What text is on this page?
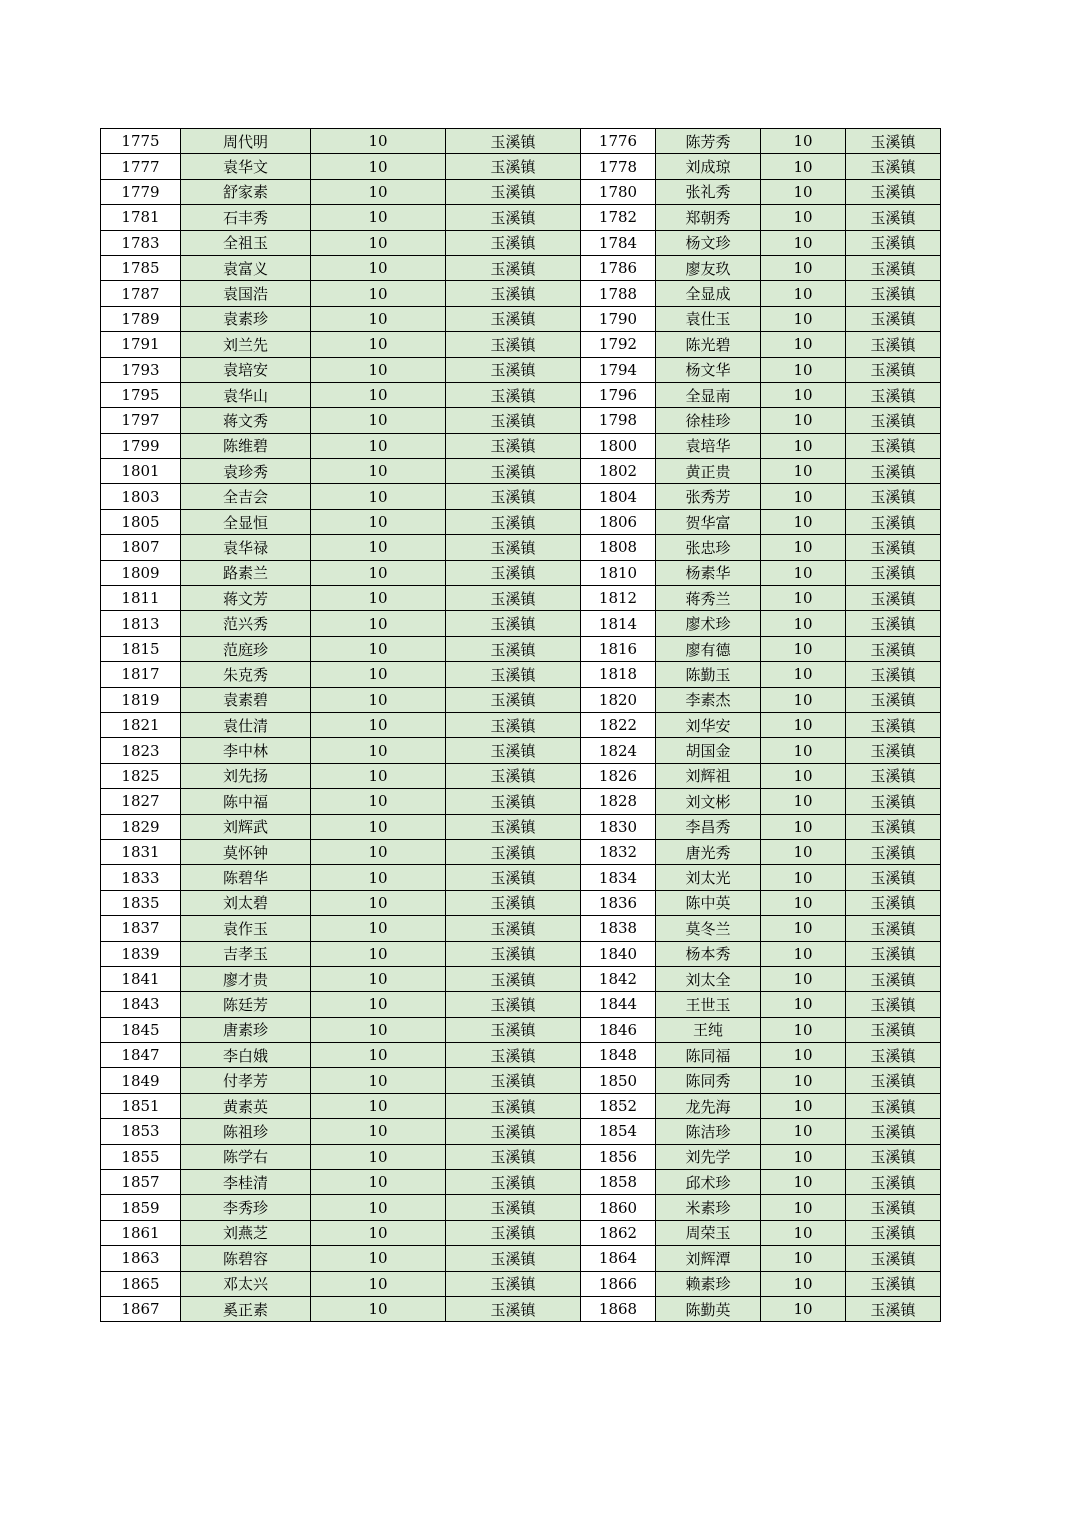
1775	周代明	10	玉溪镇	1776	陈芳秀	10	玉溪镇
1777	袁华文	10	玉溪镇	1778	刘成琼	10	玉溪镇
1779	舒家素	10	玉溪镇	1780	张礼秀	10	玉溪镇
1781	石丰秀	10	玉溪镇	1782	郑朝秀	10	玉溪镇
1783	全祖玉	10	玉溪镇	1784	杨文珍	10	玉溪镇
1785	袁富义	10	玉溪镇	1786	廖友玖	10	玉溪镇
1787	袁国浩	10	玉溪镇	1788	全显成	10	玉溪镇
1789	袁素珍	10	玉溪镇	1790	袁仕玉	10	玉溪镇
1791	刘兰先	10	玉溪镇	1792	陈光碧	10	玉溪镇
1793	袁培安	10	玉溪镇	1794	杨文华	10	玉溪镇
1795	袁华山	10	玉溪镇	1796	全显南	10	玉溪镇
1797	蒋文秀	10	玉溪镇	1798	徐桂珍	10	玉溪镇
1799	陈维碧	10	玉溪镇	1800	袁培华	10	玉溪镇
1801	袁珍秀	10	玉溪镇	1802	黄正贵	10	玉溪镇
1803	全吉会	10	玉溪镇	1804	张秀芳	10	玉溪镇
1805	全显恒	10	玉溪镇	1806	贺华富	10	玉溪镇
1807	袁华禄	10	玉溪镇	1808	张忠珍	10	玉溪镇
1809	路素兰	10	玉溪镇	1810	杨素华	10	玉溪镇
1811	蒋文芳	10	玉溪镇	1812	蒋秀兰	10	玉溪镇
1813	范兴秀	10	玉溪镇	1814	廖术珍	10	玉溪镇
1815	范庭珍	10	玉溪镇	1816	廖有德	10	玉溪镇
1817	朱克秀	10	玉溪镇	1818	陈勤玉	10	玉溪镇
1819	袁素碧	10	玉溪镇	1820	李素杰	10	玉溪镇
1821	袁仕清	10	玉溪镇	1822	刘华安	10	玉溪镇
1823	李中林	10	玉溪镇	1824	胡国金	10	玉溪镇
1825	刘先扬	10	玉溪镇	1826	刘辉祖	10	玉溪镇
1827	陈中福	10	玉溪镇	1828	刘文彬	10	玉溪镇
1829	刘辉武	10	玉溪镇	1830	李昌秀	10	玉溪镇
1831	莫怀钟	10	玉溪镇	1832	唐光秀	10	玉溪镇
1833	陈碧华	10	玉溪镇	1834	刘太光	10	玉溪镇
1835	刘太碧	10	玉溪镇	1836	陈中英	10	玉溪镇
1837	袁作玉	10	玉溪镇	1838	莫冬兰	10	玉溪镇
1839	吉孝玉	10	玉溪镇	1840	杨本秀	10	玉溪镇
1841	廖才贵	10	玉溪镇	1842	刘太全	10	玉溪镇
1843	陈廷芳	10	玉溪镇	1844	王世玉	10	玉溪镇
1845	唐素珍	10	玉溪镇	1846	王纯	10	玉溪镇
1847	李白娥	10	玉溪镇	1848	陈同福	10	玉溪镇
1849	付孝芳	10	玉溪镇	1850	陈同秀	10	玉溪镇
1851	黄素英	10	玉溪镇	1852	龙先海	10	玉溪镇
1853	陈祖珍	10	玉溪镇	1854	陈洁珍	10	玉溪镇
1855	陈学右	10	玉溪镇	1856	刘先学	10	玉溪镇
1857	李桂清	10	玉溪镇	1858	邱术珍	10	玉溪镇
1859	李秀珍	10	玉溪镇	1860	米素珍	10	玉溪镇
1861	刘燕芝	10	玉溪镇	1862	周荣玉	10	玉溪镇
1863	陈碧容	10	玉溪镇	1864	刘辉潭	10	玉溪镇
1865	邓太兴	10	玉溪镇	1866	赖素珍	10	玉溪镇
1867	奚正素	10	玉溪镇	1868	陈勤英	10	玉溪镇
